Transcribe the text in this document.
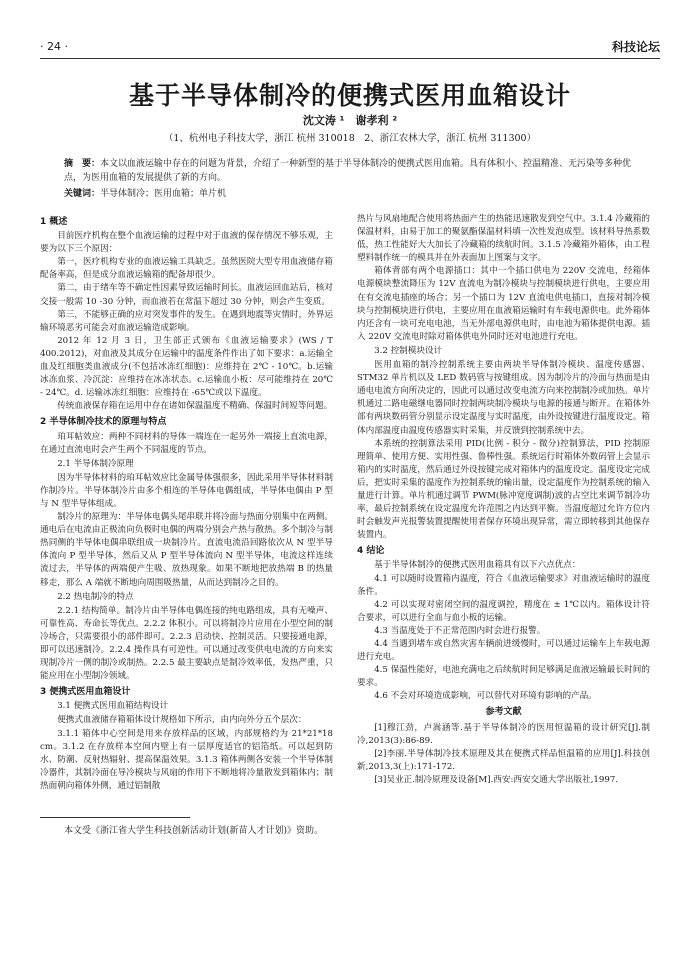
· 24 ·	科技论坛
基于半导体制冷的便携式医用血箱设计
沈文涛 ¹　谢孝利 ²
（1、杭州电子科技大学，浙江 杭州 310018　2、浙江农林大学，浙江 杭州 311300）
摘　要：本文以血液运输中存在的问题为背景，介绍了一种新型的基于半导体制冷的便携式医用血箱。具有体积小、控温精准、无污染等多种优点，为医用血箱的发展提供了新的方向。
关键词：半导体制冷；医用血箱；单片机
1 概述

目前医疗机构在整个血液运输的过程中对于血液的保存情况不够乐观，主要为以下三个原因：

第一，医疗机构专业的血液运输工具缺乏。虽然医院大型专用血液储存箱配备率高，但是成分血液运输箱的配备却很少。

第二，由于绪车等不确定性因素导致运输时间长。血液运回血站后，核对交接一般需 10 -30 分钟，而血液若在常温下超过 30 分钟，则会产生变质。

第三，不能够正确的应对突发事件的发生。在遇到地震等灾情时，外界运输环境恶劣可能会对血液运输造成影响。

2012 年 12 月 3 日，卫生部正式颁布《血液运输要求》(WS / T 400.2012)，对血液及其成分在运输中的温度条件作出了如下要求：a.运输全血及红细胞类血液成分(不包括冰冻红细胞)：应维持在 2℃ - 10℃。b.运输冰冻血浆、冷沉淀：应维持在冰冻状态。c.运输血小板：尽可能维持在 20℃ - 24℃。d. 运输冰冻红细胞：应维持在 -65℃或以下温度。

传统血液保存箱在运用中存在诸如保温温度不精确、保温时间短等问题。

2 半导体制冷技术的原理与特点

珀耳帖效应：两种不同材料的导体一端连在一起另外一端接上直流电源，在通过直流电时会产生两个不同温度的节点。

2.1 半导体制冷原理

因为半导体材料的珀耳帖效应比金属导体强很多，因此采用半导体材料制作制冷片。半导体制冷片由多个相连的半导体电偶组成，半导体电偶由 P 型与 N 型半导体组成。

制冷片的原理为：半导体电偶头尾串联并将冷面与热面分别集中在两侧。通电后在电流由正极流向负极时电偶的两端分别会产热与散热。多个制冷与制热同侧的半导体电偶串联组成一块制冷片。直流电流沿回路依次从 N 型半导体流向 P 型半导体，然后又从 P 型半导体流向 N 型半导体，电流这样连续流过去，半导体的两端便产生吸、放热现象。如果不断地把放热端 B 的热量移走，那么 A 端就不断地向周围吸热量，从而达到制冷之目的。

2.2 热电制冷的特点

2.2.1 结构简单。制冷片由半导体电偶连接的纯电路组成，具有无噪声、可靠性高、寿命长等优点。2.2.2 体积小。可以将制冷片应用在小型空间的制冷场合，只需要很小的部件即可。2.2.3 启动快、控制灵活。只要接通电源，即可以迅速制冷。2.2.4 操作具有可逆性。可以通过改变供电电流的方向来实现制冷片一侧的制冷或制热。2.2.5 最主要缺点是制冷效率低，发热严重，只能应用在小型制冷领域。

3 便携式医用血箱设计
3.1 便携式医用血箱结构设计

便携式血液储存箱箱体设计规格如下所示，由内向外分五个层次：

3.1.1 箱体中心空间是用来存放样品的区域，内部规格约为 21*21*18 cm。3.1.2 在存放样本空间内壁上有一层厚度适官的铝箔纸。可以起到防水、防潮、反射热辐射、提高保温效果。3.1.3 箱体两侧各安装一个半导体制冷器件，其制冷面在导冷模块与风扇的作用下不断地将冷量散发到箱体内；制热面朝向箱体外侧，通过铝制散

热片与风扇地配合使用将热面产生的热能迅速散发到空气中。3.1.4 冷藏箱的保温材料，由易于加工的聚氨酯保温材料填一次性发泡成型。该材料导热系数低，热工性能好大大加长了冷藏箱的续航时间。3.1.5 冷藏箱外箱体，由工程塑料制作统一的模具并在外表面加上图案与文字。

箱体背部有两个电源插口：其中一个插口供电为 220V 交流电，经箱体电源模块整流降压为 12V 直流电为制冷模块与控制模块进行供电，主要应用在有交流电插座的场合；另一个插口为 12V 直流电供电插口，直接对制冷模块与控制模块进行供电，主要应用在血液箱运输时有车载电源供电。此外箱体内还含有一块可充电电池，当无外部电源供电时，由电池为箱体提供电源。插入 220V 交流电时除对箱体供电外同时还对电池进行充电。

3.2 控制模块设计

医用血箱的制冷控制系统主要由两块半导体制冷模块、温度传感器、STM32 单片机以及 LED 数码管与按键组成。因为制冷片的冷面与热面是由通电电流方向所决定的，因此可以通过改变电流方向来控制制冷或加热。单片机通过二路电磁继电器同时控制两块制冷模块与电源的接通与断开。在箱体外部有两块数码管分别显示设定温度与实时温度，由外设按键进行温度设定。箱体内部温度由温度传感器实时采集，并反馈到控制系统中去。

本系统的控制算法采用 PID(比例 - 积分 - 微分)控制算法，PID 控制原理简单、使用方便、实用性强、鲁棒性强。系统运行时箱体外数码管上会显示箱内的实时温度，然后通过外设按键完成对箱体内的温度设定。温度设定完成后，把实时采集的温度作为控制系统的输出量，设定温度作为控制系统的输入量进行计算。单片机通过调节 PWM(脉冲宽度调制)波的占空比来调节制冷功率，最后控制系统在设定温度允许范围之内达到平衡。当温度超过允许方位内时会触发声光报警装置提醒使用者保存环境出现异常，需立即转移到其他保存装置内。

4 结论

基于半导体制冷的便携式医用血箱具有以下六点优点：

4.1 可以随时设置箱内温度，符合《血液运输要求》对血液运输时的温度条件。

4.2 可以实现对密闭空间的温度调控，精度在 ± 1℃以内。箱体设计符合要求，可以进行全血与血小板的运输。

4.3 当温度处于不正常范围内时会进行报警。

4.4 当遇到堵车或自然灾害车辆前进缓慢时，可以通过运输车上车载电源进行充电。

4.5 保温性能好，电池充满电之后续航时间足够满足血液运输最长时间的要求。

4.6 不会对环境造成影响，可以替代对环境有影响的产品。

参考文献

[1]穆江劲，卢嵩涵等.基于半导体制冷的医用恒温箱的设计研究[J].制冷,2013(3):86-89.

[2]李丽.半导体制冷技术原理及其在便携式样品恒温箱的应用[J].科技创新,2013,3(上):171-172.

[3]吴业正.制冷原理及设备[M].西安:西安交通大学出版社,1997.

本文受《浙江省大学生科技创新活动计划(新苗人才计划)》资助。
